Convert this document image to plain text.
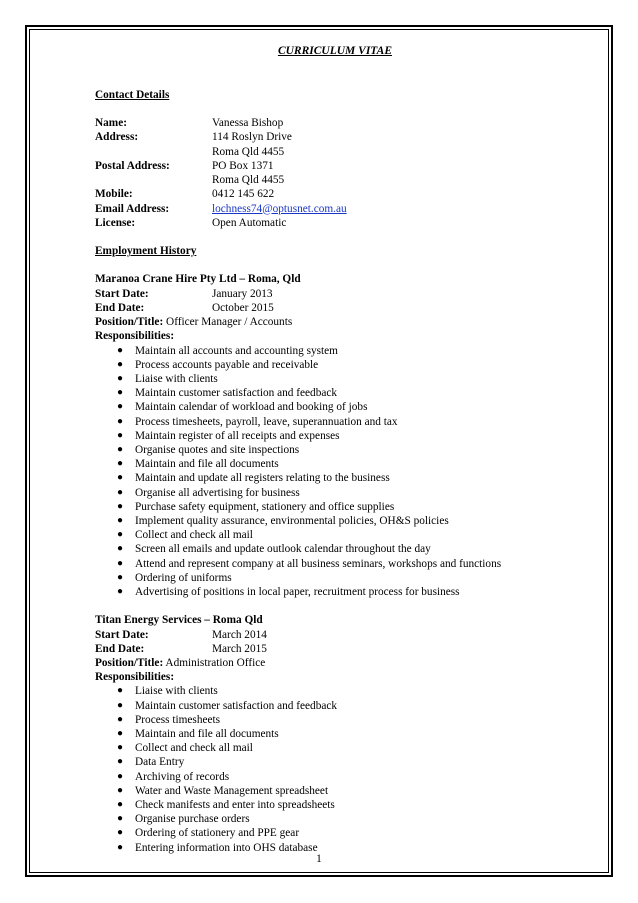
CURRICULUM VITAE

Contact Details

Name:	Vanessa Bishop
Address:	114 Roslyn Drive
Roma Qld 4455
Postal Address:	PO Box 1371
Roma Qld 4455
Mobile:	0412 145 622
Email Address:	lochness74@optusnet.com.au
License:	Open Automatic

Employment History

Maranoa Crane Hire Pty Ltd – Roma, Qld
Start Date:	January 2013
End Date:	October 2015
Position/Title: Officer Manager / Accounts
Responsibilities:
● Maintain all accounts and accounting system
● Process accounts payable and receivable
● Liaise with clients
● Maintain customer satisfaction and feedback
● Maintain calendar of workload and booking of jobs
● Process timesheets, payroll, leave, superannuation and tax
● Maintain register of all receipts and expenses
● Organise quotes and site inspections
● Maintain and file all documents
● Maintain and update all registers relating to the business
● Organise all advertising for business
● Purchase safety equipment, stationery and office supplies
● Implement quality assurance, environmental policies, OH&S policies
● Collect and check all mail
● Screen all emails and update outlook calendar throughout the day
● Attend and represent company at all business seminars, workshops and functions
● Ordering of uniforms
● Advertising of positions in local paper, recruitment process for business
Titan Energy Services – Roma Qld
Start Date:	March 2014
End Date:	March 2015
Position/Title: Administration Office
Responsibilities:
● Liaise with clients
● Maintain customer satisfaction and feedback
● Process timesheets
● Maintain and file all documents
● Collect and check all mail
● Data Entry
● Archiving of records
● Water and Waste Management spreadsheet
● Check manifests and enter into spreadsheets
● Organise purchase orders
● Ordering of stationery and PPE gear
● Entering information into OHS database
1
